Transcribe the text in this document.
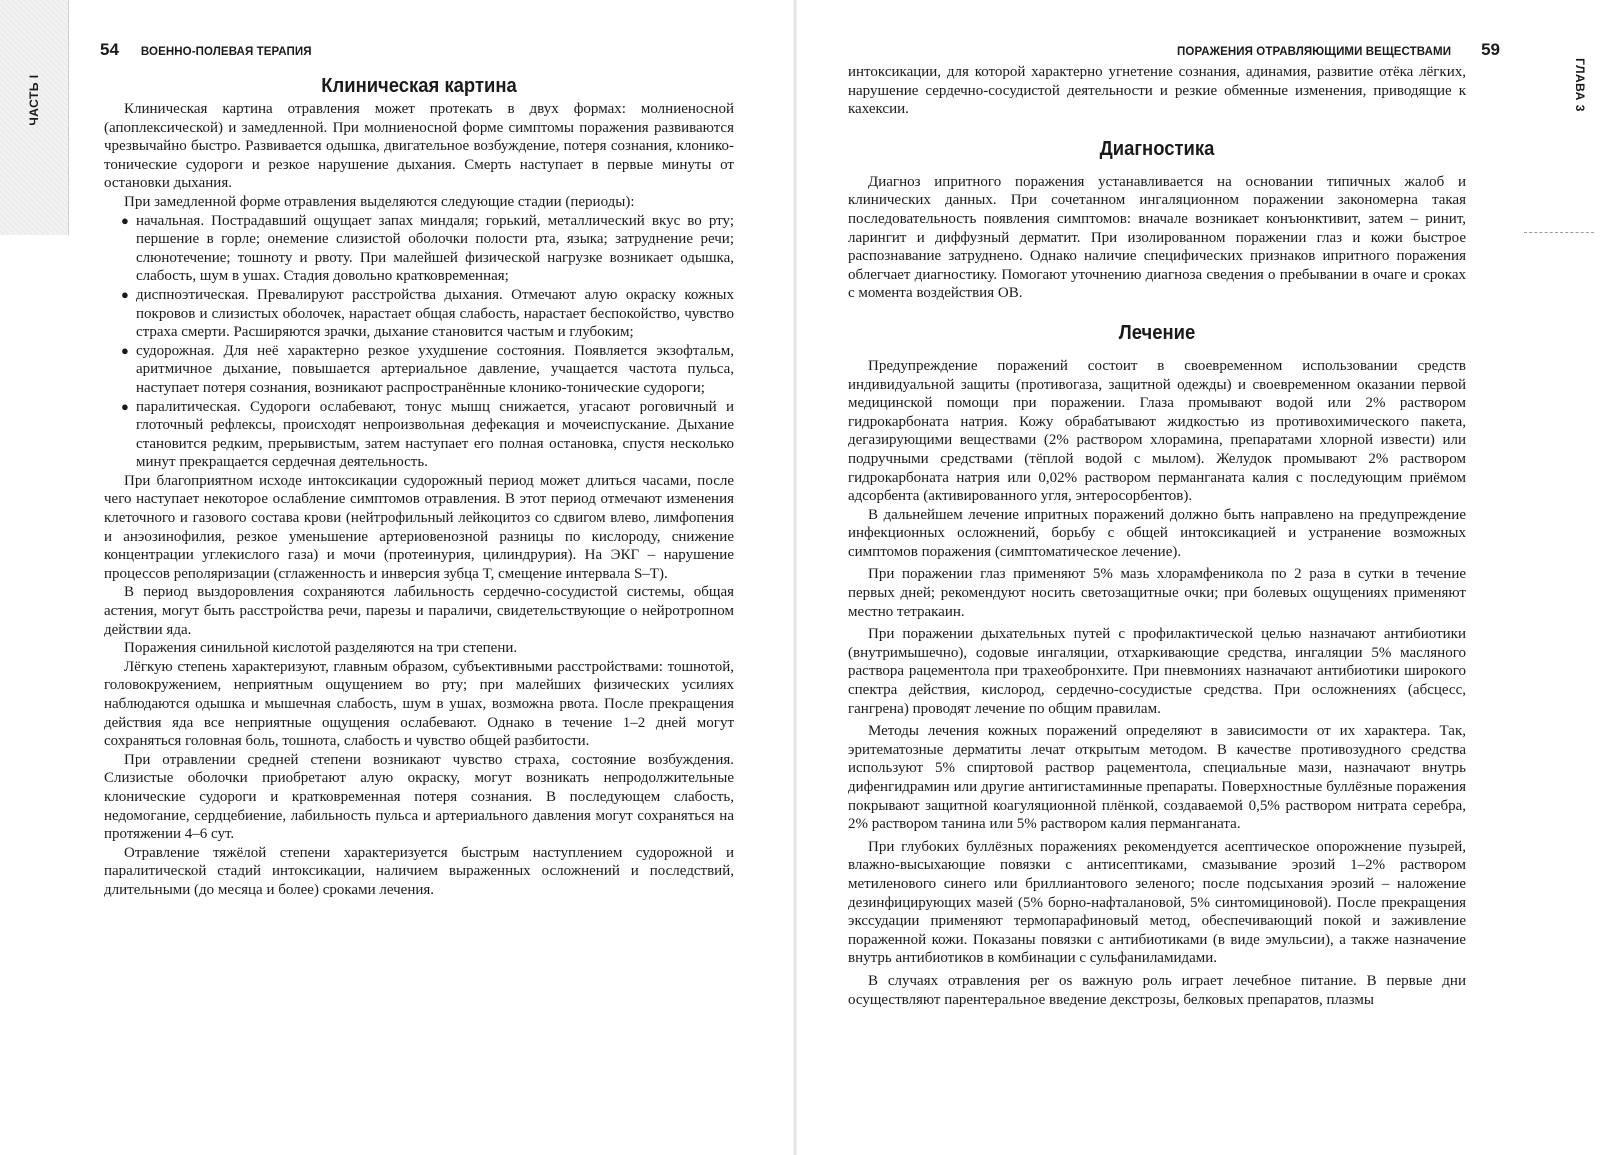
ЧАСТЬ I
54 ВОЕННО-ПОЛЕВАЯ ТЕРАПИЯ
Клиническая картина

Клиническая картина отравления может протекать в двух формах: молниеносной (апоплексической) и замедленной. При молниеносной форме симптомы поражения развиваются чрезвычайно быстро. Развивается одышка, двигательное возбуждение, потеря сознания, клонико-тонические судороги и резкое нарушение дыхания. Смерть наступает в первые минуты от остановки дыхания.

При замедленной форме отравления выделяются следующие стадии (периоды):

● начальная. Пострадавший ощущает запах миндаля; горький, металлический вкус во рту; першение в горле; онемение слизистой оболочки полости рта, языка; затруднение речи; слюнотечение; тошноту и рвоту. При малейшей физической нагрузке возникает одышка, слабость, шум в ушах. Стадия довольно кратковременная;
● диспноэтическая. Превалируют расстройства дыхания. Отмечают алую окраску кожных покровов и слизистых оболочек, нарастает общая слабость, нарастает беспокойство, чувство страха смерти. Расширяются зрачки, дыхание становится частым и глубоким;
● судорожная. Для неё характерно резкое ухудшение состояния. Появляется экзофтальм, аритмичное дыхание, повышается артериальное давление, учащается частота пульса, наступает потеря сознания, возникают распространённые клонико-тонические судороги;
● паралитическая. Судороги ослабевают, тонус мышц снижается, угасают роговичный и глоточный рефлексы, происходят непроизвольная дефекация и мочеиспускание. Дыхание становится редким, прерывистым, затем наступает его полная остановка, спустя несколько минут прекращается сердечная деятельность.

При благоприятном исходе интоксикации судорожный период может длиться часами, после чего наступает некоторое ослабление симптомов отравления. В этот период отмечают изменения клеточного и газового состава крови (нейтрофильный лейкоцитоз со сдвигом влево, лимфопения и анэозинофилия, резкое уменьшение артериовенозной разницы по кислороду, снижение концентрации углекислого газа) и мочи (протеинурия, цилиндрурия). На ЭКГ – нарушение процессов реполяризации (сглаженность и инверсия зубца T, смещение интервала S–T).

В период выздоровления сохраняются лабильность сердечно-сосудистой системы, общая астения, могут быть расстройства речи, парезы и параличи, свидетельствующие о нейротропном действии яда.

Поражения синильной кислотой разделяются на три степени.

Лёгкую степень характеризуют, главным образом, субъективными расстройствами: тошнотой, головокружением, неприятным ощущением во рту; при малейших физических усилиях наблюдаются одышка и мышечная слабость, шум в ушах, возможна рвота. После прекращения действия яда все неприятные ощущения ослабевают. Однако в течение 1–2 дней могут сохраняться головная боль, тошнота, слабость и чувство общей разбитости.

При отравлении средней степени возникают чувство страха, состояние возбуждения. Слизистые оболочки приобретают алую окраску, могут возникать непродолжительные клонические судороги и кратковременная потеря сознания. В последующем слабость, недомогание, сердцебиение, лабильность пульса и артериального давления могут сохраняться на протяжении 4–6 сут.

Отравление тяжёлой степени характеризуется быстрым наступлением судорожной и паралитической стадий интоксикации, наличием выраженных осложнений и последствий, длительными (до месяца и более) сроками лечения.

ПОРАЖЕНИЯ ОТРАВЛЯЮЩИМИ ВЕЩЕСТВАМИ 59
ГЛАВА 3

интоксикации, для которой характерно угнетение сознания, адинамия, развитие отёка лёгких, нарушение сердечно-сосудистой деятельности и резкие обменные изменения, приводящие к кахексии.

Диагностика

Диагноз ипритного поражения устанавливается на основании типичных жалоб и клинических данных. При сочетанном ингаляционном поражении закономерна такая последовательность появления симптомов: вначале возникает конъюнктивит, затем – ринит, ларингит и диффузный дерматит. При изолированном поражении глаз и кожи быстрое распознавание затруднено. Однако наличие специфических признаков ипритного поражения облегчает диагностику. Помогают уточнению диагноза сведения о пребывании в очаге и сроках с момента воздействия ОВ.

Лечение

Предупреждение поражений состоит в своевременном использовании средств индивидуальной защиты (противогаза, защитной одежды) и своевременном оказании первой медицинской помощи при поражении. Глаза промывают водой или 2% раствором гидрокарбоната натрия. Кожу обрабатывают жидкостью из противохимического пакета, дегазирующими веществами (2% раствором хлорамина, препаратами хлорной извести) или подручными средствами (тёплой водой с мылом). Желудок промывают 2% раствором гидрокарбоната натрия или 0,02% раствором перманганата калия с последующим приёмом адсорбента (активированного угля, энтеросорбентов).

В дальнейшем лечение ипритных поражений должно быть направлено на предупреждение инфекционных осложнений, борьбу с общей интоксикацией и устранение возможных симптомов поражения (симптоматическое лечение).

При поражении глаз применяют 5% мазь хлорамфеникола по 2 раза в сутки в течение первых дней; рекомендуют носить светозащитные очки; при болевых ощущениях применяют местно тетракаин.

При поражении дыхательных путей с профилактической целью назначают антибиотики (внутримышечно), содовые ингаляции, отхаркивающие средства, ингаляции 5% масляного раствора рацементола при трахеобронхите. При пневмониях назначают антибиотики широкого спектра действия, кислород, сердечно-сосудистые средства. При осложнениях (абсцесс, гангрена) проводят лечение по общим правилам.

Методы лечения кожных поражений определяют в зависимости от их характера. Так, эритематозные дерматиты лечат открытым методом. В качестве противозудного средства используют 5% спиртовой раствор рацементола, специальные мази, назначают внутрь дифенгидрамин или другие антигистаминные препараты. Поверхностные буллёзные поражения покрывают защитной коагуляционной плёнкой, создаваемой 0,5% раствором нитрата серебра, 2% раствором танина или 5% раствором калия перманганата.

При глубоких буллёзных поражениях рекомендуется асептическое опорожнение пузырей, влажно-высыхающие повязки с антисептиками, смазывание эрозий 1–2% раствором метиленового синего или бриллиантового зеленого; после подсыхания эрозий – наложение дезинфицирующих мазей (5% борно-нафталановой, 5% синтомициновой). После прекращения экссудации применяют термопарафиновый метод, обеспечивающий покой и заживление пораженной кожи. Показаны повязки с антибиотиками (в виде эмульсии), а также назначение внутрь антибиотиков в комбинации с сульфаниламидами.

В случаях отравления per os важную роль играет лечебное питание. В первые дни осуществляют парентеральное введение декстрозы, белковых препаратов, плазмы
